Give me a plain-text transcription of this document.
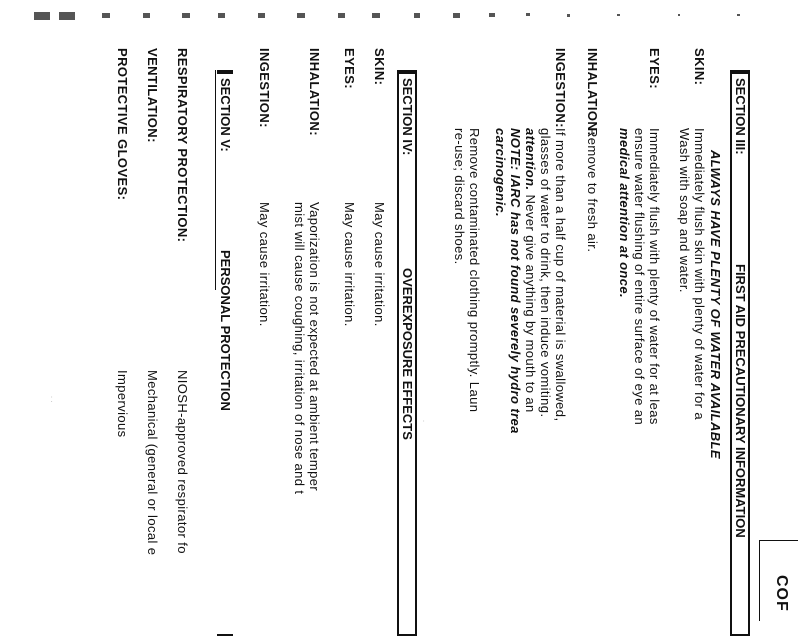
SECTION III:
FIRST AID PRECAUTIONARY INFORMATION
ALWAYS HAVE PLENTY OF WATER AVAILABLE
SKIN:
Immediately flush skin with plenty of water for a
Wash with soap and water.
EYES:
Immediately flush with plenty of water for at leas
ensure water flushing of entire surface of eye an
medical attention at once.
INHALATION:
Remove to fresh air.
INGESTION:
If more than a half cup of material is swallowed,
glasses of water to drink, then induce vomiting.
attention. Never give anything by mouth to an
NOTE: IARC has not found severely hydro trea
carcinogenic.
Remove contaminated clothing promptly. Laun
re-use; discard shoes.
SECTION IV:
OVEREXPOSURE EFFECTS
SKIN:
May cause irritation.
EYES:
May cause irritation.
INHALATION:
Vaporization is not expected at ambient temper
mist will cause coughing, irritation of nose and t
INGESTION:
May cause irritation.
SECTION V:
PERSONAL PROTECTION
RESPIRATORY PROTECTION:
NIOSH-approved respirator fo
VENTILATION:
Mechanical (general or local e
PROTECTIVE GLOVES:
Impervious
COF
· ·
·
